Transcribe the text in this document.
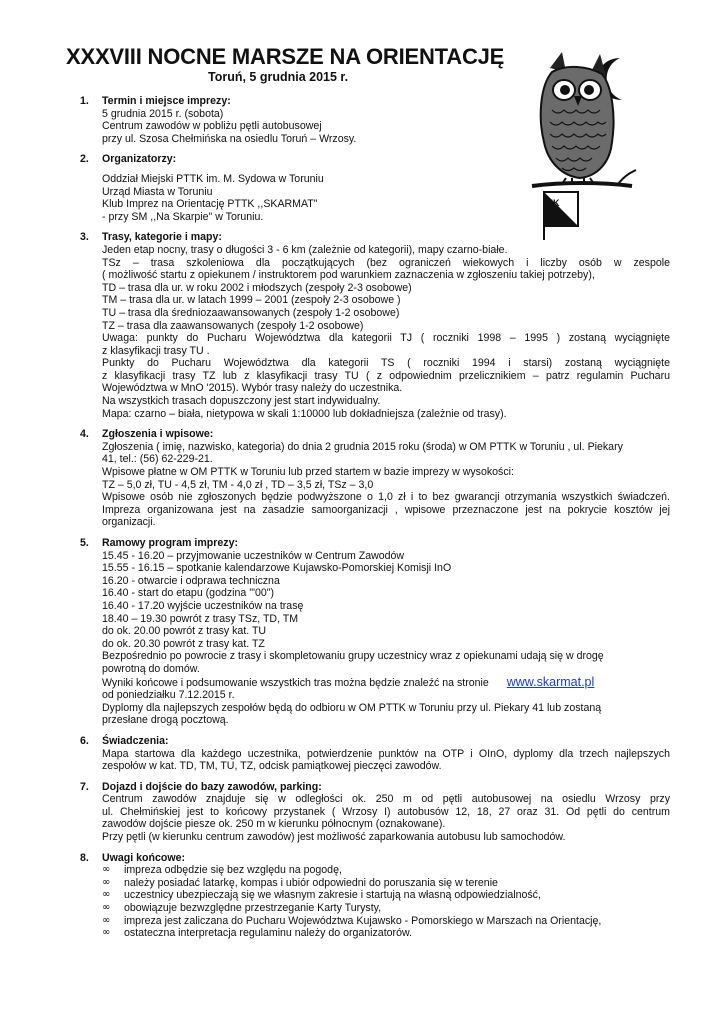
XXXVIII NOCNE MARSZE NA ORIENTACJĘ
Toruń, 5 grudnia 2015 r.
JK
1. Termin i miejsce imprezy:
5 grudnia 2015 r. (sobota)
Centrum zawodów w pobliżu pętli autobusowej
przy ul. Szosa Chełmińska na osiedlu Toruń – Wrzosy.
2. Organizatorzy:
Oddział Miejski PTTK im. M. Sydowa w Toruniu
Urząd Miasta w Toruniu
Klub Imprez na Orientację PTTK ,,SKARMAT"
- przy SM ,,Na Skarpie" w Toruniu.
3. Trasy, kategorie i mapy:
Jeden etap nocny, trasy o długości 3 - 6 km (zależnie od kategorii), mapy czarno-białe.
TSz – trasa szkoleniowa dla początkujących (bez ograniczeń wiekowych i liczby osób w zespole
( możliwość startu z opiekunem / instruktorem pod warunkiem zaznaczenia w zgłoszeniu takiej potrzeby),
TD – trasa dla ur. w roku 2002 i młodszych (zespoły 2-3 osobowe)
TM – trasa dla ur. w latach 1999 – 2001 (zespoły 2-3 osobowe )
TU – trasa dla średniozaawansowanych (zespoły 1-2 osobowe)
TZ – trasa dla zaawansowanych (zespoły 1-2 osobowe)
Uwaga: punkty do Pucharu Województwa dla kategorii TJ ( roczniki 1998 – 1995 ) zostaną wyciągnięte
z klasyfikacji trasy TU .
Punkty do Pucharu Województwa dla kategorii TS ( roczniki 1994 i starsi) zostaną wyciągnięte
z klasyfikacji trasy TZ lub z klasyfikacji trasy TU ( z odpowiednim przelicznikiem – patrz regulamin Pucharu
Województwa w MnO '2015). Wybór trasy należy do uczestnika.
Na wszystkich trasach dopuszczony jest start indywidualny.
Mapa: czarno – biała, nietypowa w skali 1:10000 lub dokładniejsza (zależnie od trasy).
4. Zgłoszenia i wpisowe:
Zgłoszenia ( imię, nazwisko, kategoria) do dnia 2 grudnia 2015 roku (środa) w OM PTTK w Toruniu , ul. Piekary
41, tel.: (56) 62-229-21.
Wpisowe płatne w OM PTTK w Toruniu lub przed startem w bazie imprezy w wysokości:
TZ – 5,0 zł, TU - 4,5 zł, TM - 4,0 zł , TD – 3,5 zł, TSz – 3,0
Wpisowe osób nie zgłoszonych będzie podwyższone o 1,0 zł i to bez gwarancji otrzymania wszystkich świadczeń.
Impreza organizowana jest na zasadzie samoorganizacji , wpisowe przeznaczone jest na pokrycie kosztów jej
organizacji.
5. Ramowy program imprezy:
15.45 - 16.20 – przyjmowanie uczestników w Centrum Zawodów
15.55 - 16.15 – spotkanie kalendarzowe Kujawsko-Pomorskiej Komisji InO
16.20 - otwarcie i odprawa techniczna
16.40 - start do etapu (godzina '"00")
16.40 - 17.20 wyjście uczestników na trasę
18.40 – 19.30 powrót z trasy TSz, TD, TM
do ok. 20.00 powrót z trasy kat. TU
do ok. 20.30 powrót z trasy kat. TZ
Bezpośrednio po powrocie z trasy i skompletowaniu grupy uczestnicy wraz z opiekunami udają się w drogę
powrotną do domów.
Wyniki końcowe i podsumowanie wszystkich tras można będzie znaleźć na stronie www.skarmat.pl
od poniedziałku 7.12.2015 r.
Dyplomy dla najlepszych zespołów będą do odbioru w OM PTTK w Toruniu przy ul. Piekary 41 lub zostaną
przesłane drogą pocztową.
6. Świadczenia:
Mapa startowa dla każdego uczestnika, potwierdzenie punktów na OTP i OInO, dyplomy dla trzech najlepszych
zespołów w kat. TD, TM, TU, TZ, odcisk pamiątkowej pieczęci zawodów.
7. Dojazd i dojście do bazy zawodów, parking:
Centrum zawodów znajduje się w odległości ok. 250 m od pętli autobusowej na osiedlu Wrzosy przy
ul. Chełmińskiej jest to końcowy przystanek ( Wrzosy I) autobusów 12, 18, 27 oraz 31. Od pętli do centrum
zawodów dojście piesze ok. 250 m w kierunku północnym (oznakowane).
Przy pętli (w kierunku centrum zawodów) jest możliwość zaparkowania autobusu lub samochodów.
8. Uwagi końcowe:
∞ impreza odbędzie się bez względu na pogodę,
∞ należy posiadać latarkę, kompas i ubiór odpowiedni do poruszania się w terenie
∞ uczestnicy ubezpieczają się we własnym zakresie i startują na własną odpowiedzialność,
∞ obowiązuje bezwzględne przestrzeganie Karty Turysty,
∞ impreza jest zaliczana do Pucharu Województwa Kujawsko - Pomorskiego w Marszach na Orientację,
∞ ostateczna interpretacja regulaminu należy do organizatorów.
